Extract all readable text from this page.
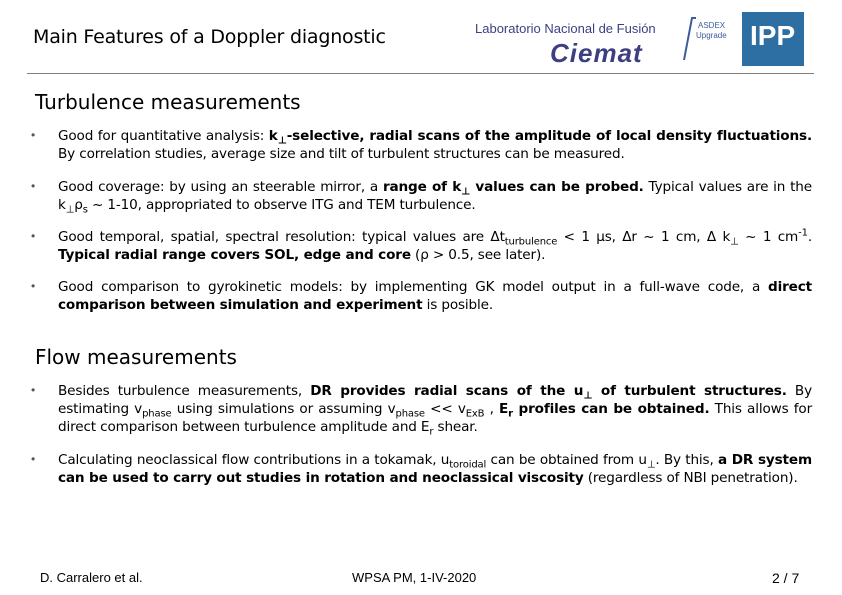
Main Features of a Doppler diagnostic	Laboratorio Nacional de Fusión
Ciemat
ASDEX
Upgrade IPP
Turbulence measurements
• Good for quantitative analysis: $k_\perp$-selective, radial scans of the amplitude of local density fluctuations. By correlation studies, average size and tilt of turbulent structures can be measured.
• Good coverage: by using an steerable mirror, a range of $k_\perp$ values can be probed. Typical values are in the $k_\perp\rho_s$ ~ 1-10, appropriated to observe ITG and TEM turbulence.
• Good temporal, spatial, spectral resolution: typical values are $\Delta t_{turbulence} < 1$ μs, Δr ~ 1 cm, Δ $k_\perp$ ~ 1 $cm^{-1}$. Typical radial range covers SOL, edge and core (ρ > 0.5, see later).
• Good comparison to gyrokinetic models: by implementing GK model output in a full-wave code, a direct comparison between simulation and experiment is posible.
Flow measurements
• Besides turbulence measurements, DR provides radial scans of the $u_\perp$ of turbulent structures. By estimating $v_{phase}$ using simulations or assuming $v_{phase} << v_{ExB}$ , $E_r$ profiles can be obtained. This allows for direct comparison between turbulence amplitude and $E_r$ shear.
• Calculating neoclassical flow contributions in a tokamak, $u_{toroidal}$ can be obtained from $u_\perp$. By this, a DR system can be used to carry out studies in rotation and neoclassical viscosity (regardless of NBI penetration).
D. Carralero et al.	WPSA PM, 1-IV-2020	2 / 7
